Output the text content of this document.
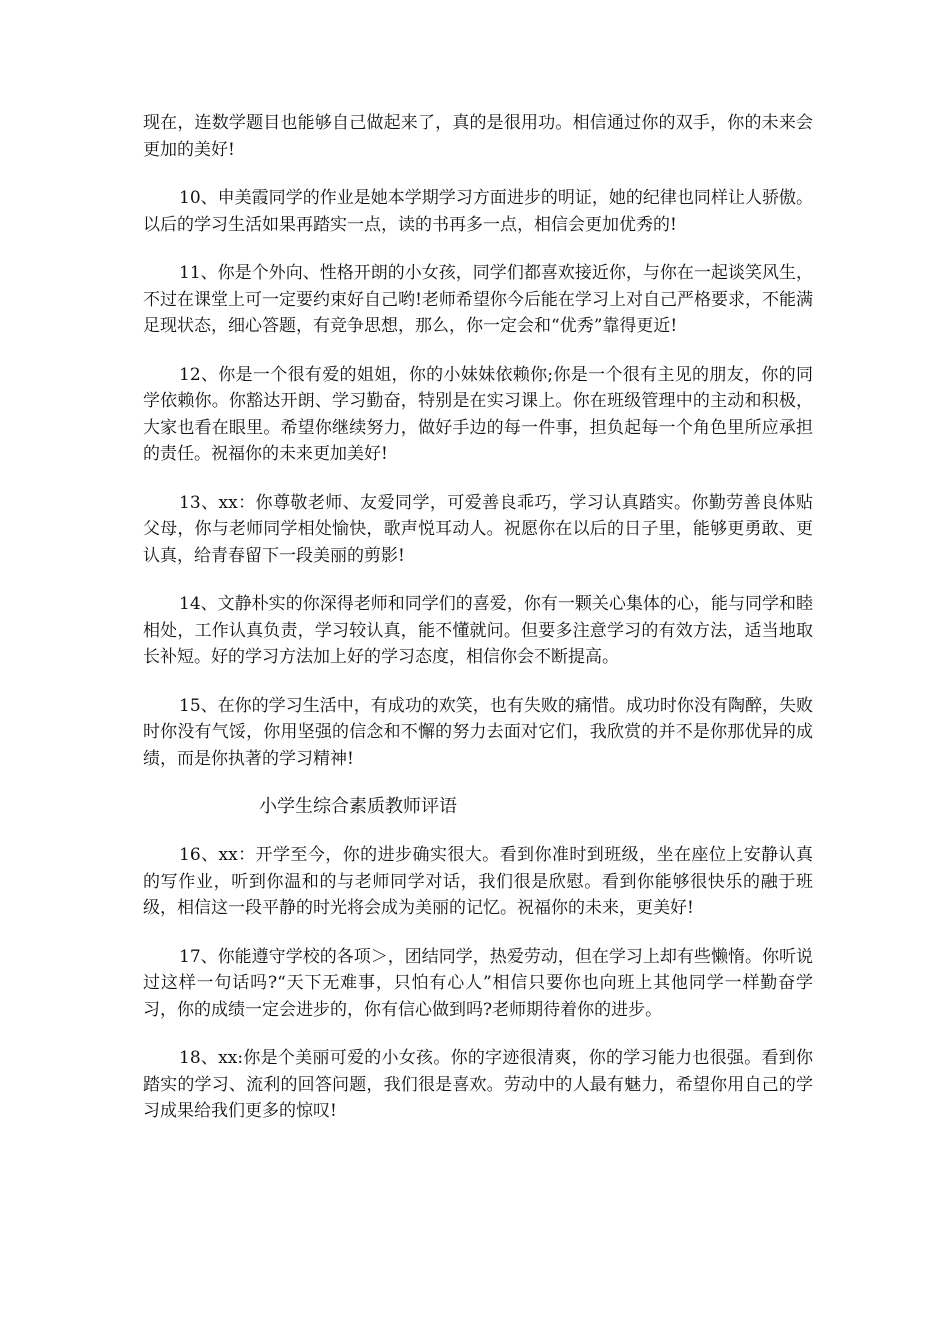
现在，连数学题目也能够自己做起来了，真的是很用功。相信通过你的双手，你的未来会更加的美好!

10、申美霞同学的作业是她本学期学习方面进步的明证，她的纪律也同样让人骄傲。以后的学习生活如果再踏实一点，读的书再多一点，相信会更加优秀的!

11、你是个外向、性格开朗的小女孩，同学们都喜欢接近你，与你在一起谈笑风生，不过在课堂上可一定要约束好自己哟!老师希望你今后能在学习上对自己严格要求，不能满足现状态，细心答题，有竞争思想，那么，你一定会和“优秀”靠得更近!

12、你是一个很有爱的姐姐，你的小妹妹依赖你;你是一个很有主见的朋友，你的同学依赖你。你豁达开朗、学习勤奋，特别是在实习课上。你在班级管理中的主动和积极，大家也看在眼里。希望你继续努力，做好手边的每一件事，担负起每一个角色里所应承担的责任。祝福你的未来更加美好!

13、xx：你尊敬老师、友爱同学，可爱善良乖巧，学习认真踏实。你勤劳善良体贴父母，你与老师同学相处愉快，歌声悦耳动人。祝愿你在以后的日子里，能够更勇敢、更认真，给青春留下一段美丽的剪影!

14、文静朴实的你深得老师和同学们的喜爱，你有一颗关心集体的心，能与同学和睦相处，工作认真负责，学习较认真，能不懂就问。但要多注意学习的有效方法，适当地取长补短。好的学习方法加上好的学习态度，相信你会不断提高。

15、在你的学习生活中，有成功的欢笑，也有失败的痛惜。成功时你没有陶醉，失败时你没有气馁，你用坚强的信念和不懈的努力去面对它们，我欣赏的并不是你那优异的成绩，而是你执著的学习精神!

小学生综合素质教师评语

16、xx：开学至今，你的进步确实很大。看到你准时到班级，坐在座位上安静认真的写作业，听到你温和的与老师同学对话，我们很是欣慰。看到你能够很快乐的融于班级，相信这一段平静的时光将会成为美丽的记忆。祝福你的未来，更美好!

17、你能遵守学校的各项＞，团结同学，热爱劳动，但在学习上却有些懒惰。你听说过这样一句话吗?“天下无难事，只怕有心人”相信只要你也向班上其他同学一样勤奋学习，你的成绩一定会进步的，你有信心做到吗?老师期待着你的进步。

18、xx:你是个美丽可爱的小女孩。你的字迹很清爽，你的学习能力也很强。看到你踏实的学习、流利的回答问题，我们很是喜欢。劳动中的人最有魅力，希望你用自己的学习成果给我们更多的惊叹!
